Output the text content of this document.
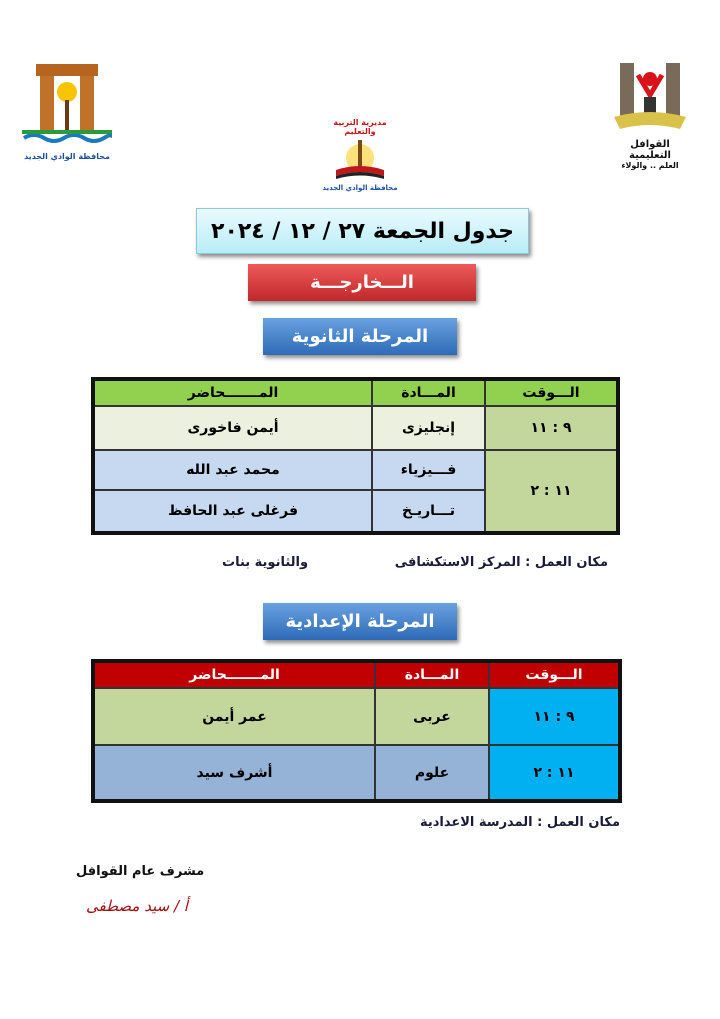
محافظة الوادي الجديد
مديرية التربية والتعليم
محافظة الوادي الجديد
القوافل التعليمية
العلم .. والولاء
جدول الجمعة ٢٧ / ١٢ / ٢٠٢٤
الـــخارجـــة
المرحلة الثانوية
الـــوقت	المـــادة	المـــــــحاضر
٩ : ١١	إنجليزى	أيمن فاخورى
١١ : ٢	فـــيزياء	محمد عبد الله
	تـــاريـخ	فرغلى عبد الحافظ
مكان العمل : المركز الاستكشافى
والثانوية بنات
المرحلة الإعدادية
الـــوقت	المـــادة	المـــــــحاضر
٩ : ١١	عربى	عمر أيمن
١١ : ٢	علوم	أشرف سيد
مكان العمل : المدرسة الاعدادية
مشرف عام القوافل
أ / سيد مصطفى
